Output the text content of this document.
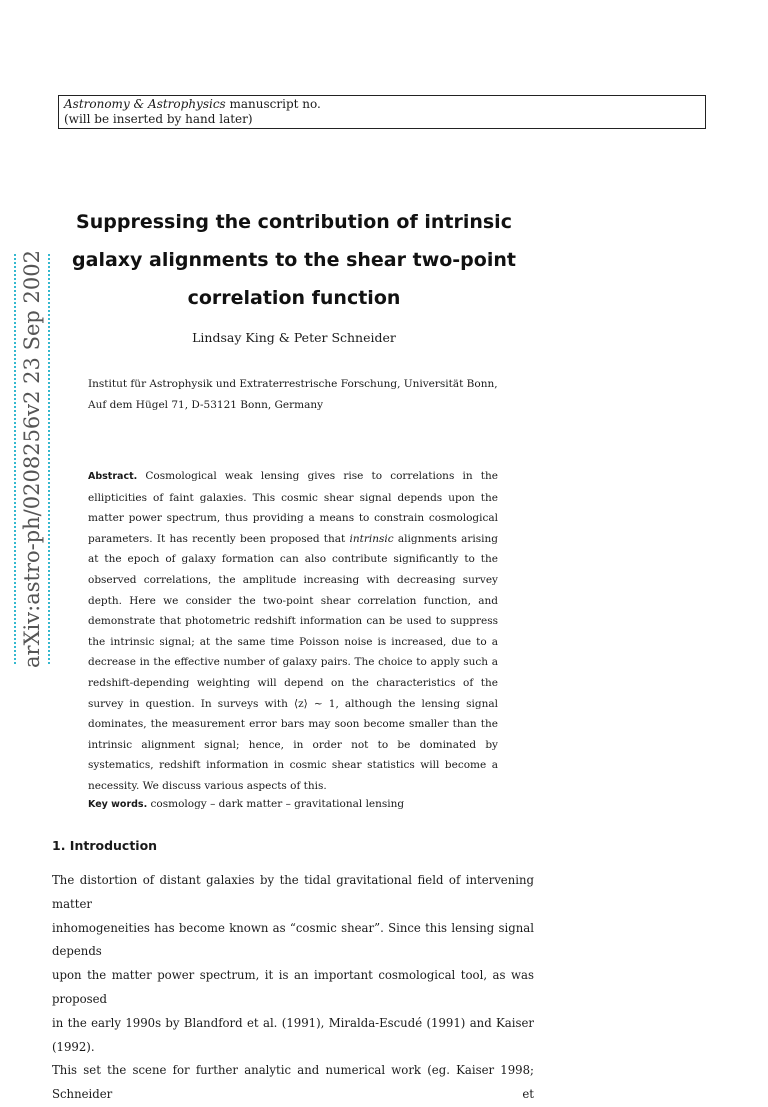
Astronomy & Astrophysics manuscript no.
(will be inserted by hand later)
arXiv:astro-ph/0208256v2 23 Sep 2002
Suppressing the contribution of intrinsic galaxy alignments to the shear two-point correlation function
Lindsay King & Peter Schneider
Institut für Astrophysik und Extraterrestrische Forschung, Universität Bonn, Auf dem Hügel 71, D-53121 Bonn, Germany
Abstract. Cosmological weak lensing gives rise to correlations in the ellipticities of faint galaxies. This cosmic shear signal depends upon the matter power spectrum, thus providing a means to constrain cosmological parameters. It has recently been proposed that intrinsic alignments arising at the epoch of galaxy formation can also contribute significantly to the observed correlations, the amplitude increasing with decreasing survey depth. Here we consider the two-point shear correlation function, and demonstrate that photometric redshift information can be used to suppress the intrinsic signal; at the same time Poisson noise is increased, due to a decrease in the effective number of galaxy pairs. The choice to apply such a redshift-depending weighting will depend on the characteristics of the survey in question. In surveys with ⟨z⟩ ∼ 1, although the lensing signal dominates, the measurement error bars may soon become smaller than the intrinsic alignment signal; hence, in order not to be dominated by systematics, redshift information in cosmic shear statistics will become a necessity. We discuss various aspects of this.
Key words. cosmology – dark matter – gravitational lensing
1. Introduction
The distortion of distant galaxies by the tidal gravitational field of intervening matter
inhomogeneities has become known as “cosmic shear”. Since this lensing signal depends
upon the matter power spectrum, it is an important cosmological tool, as was proposed
in the early 1990s by Blandford et al. (1991), Miralda-Escudé (1991) and Kaiser (1992).
This set the scene for further analytic and numerical work (eg. Kaiser 1998; Schneider et
